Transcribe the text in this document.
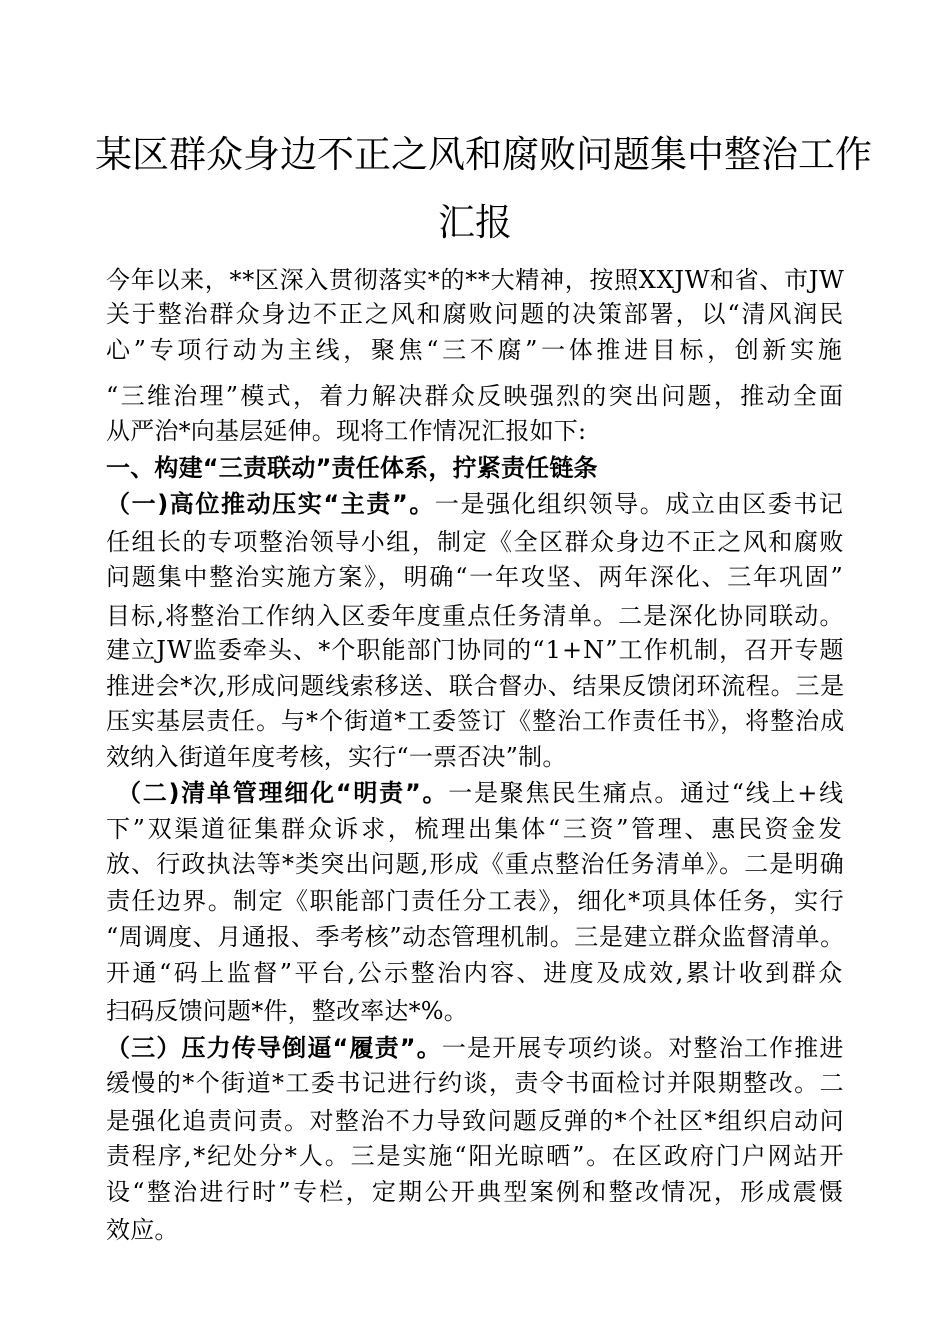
某区群众身边不正之风和腐败问题集中整治工作
汇报
今年以来，**区深入贯彻落实*的**大精神，按照XXJW和省、市JW
关于整治群众身边不正之风和腐败问题的决策部署，以“清风润民
心”专项行动为主线，聚焦“三不腐”一体推进目标，创新实施
“三维治理”模式，着力解决群众反映强烈的突出问题，推动全面
从严治*向基层延伸。现将工作情况汇报如下:
一、构建“三责联动”责任体系，拧紧责任链条
（一)高位推动压实“主责”。一是强化组织领导。成立由区委书记
任组长的专项整治领导小组，制定《全区群众身边不正之风和腐败
问题集中整治实施方案》，明确“一年攻坚、两年深化、三年巩固”
目标,将整治工作纳入区委年度重点任务清单。二是深化协同联动。
建立JW监委牵头、*个职能部门协同的“1+N”工作机制，召开专题
推进会*次,形成问题线索移送、联合督办、结果反馈闭环流程。三是
压实基层责任。与*个街道*工委签订《整治工作责任书》，将整治成
效纳入街道年度考核，实行“一票否决”制。
（二)清单管理细化“明责”。一是聚焦民生痛点。通过“线上+线
下”双渠道征集群众诉求，梳理出集体“三资”管理、惠民资金发
放、行政执法等*类突出问题,形成《重点整治任务清单》。二是明确
责任边界。制定《职能部门责任分工表》，细化*项具体任务，实行
“周调度、月通报、季考核”动态管理机制。三是建立群众监督清单。
开通“码上监督”平台,公示整治内容、进度及成效,累计收到群众
扫码反馈问题*件，整改率达*%。
（三）压力传导倒逼“履责”。一是开展专项约谈。对整治工作推进
缓慢的*个街道*工委书记进行约谈，责令书面检讨并限期整改。二
是强化追责问责。对整治不力导致问题反弹的*个社区*组织启动问
责程序,*纪处分*人。三是实施“阳光晾晒”。在区政府门户网站开
设“整治进行时”专栏，定期公开典型案例和整改情况，形成震慑
效应。
